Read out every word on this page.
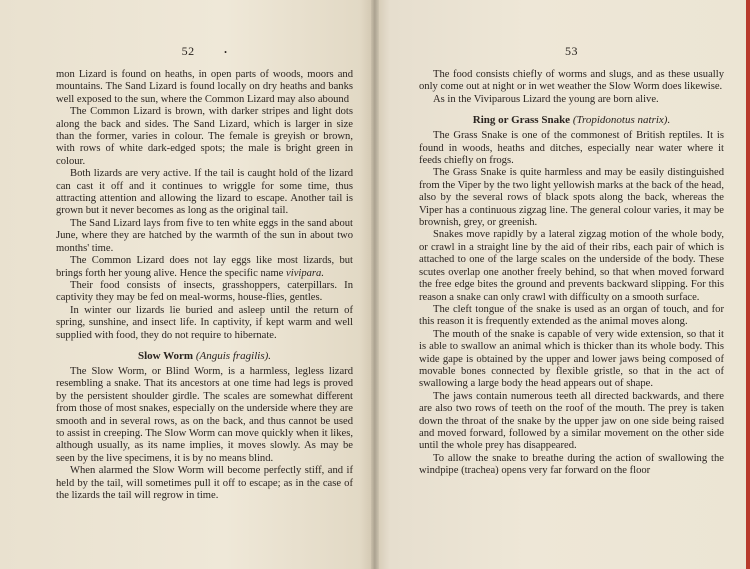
52	•

mon Lizard is found on heaths, in open parts of woods, moors and mountains. The Sand Lizard is found locally on dry heaths and banks well exposed to the sun, where the Common Lizard may also abound

The Common Lizard is brown, with darker stripes and light dots along the back and sides. The Sand Lizard, which is larger in size than the former, varies in colour. The female is greyish or brown, with rows of white dark-edged spots; the male is bright green in colour.

Both lizards are very active. If the tail is caught hold of the lizard can cast it off and it continues to wriggle for some time, thus attracting attention and allowing the lizard to escape. Another tail is grown but it never becomes as long as the original tail.

The Sand Lizard lays from five to ten white eggs in the sand about June, where they are hatched by the warmth of the sun in about two months' time.

The Common Lizard does not lay eggs like most lizards, but brings forth her young alive. Hence the specific name vivipara.

Their food consists of insects, grasshoppers, caterpillars. In captivity they may be fed on meal-worms, house-flies, gentles.

In winter our lizards lie buried and asleep until the return of spring, sunshine, and insect life. In captivity, if kept warm and well supplied with food, they do not require to hibernate.

Slow Worm (Anguis fragilis).

The Slow Worm, or Blind Worm, is a harmless, legless lizard resembling a snake. That its ancestors at one time had legs is proved by the persistent shoulder girdle. The scales are somewhat different from those of most snakes, especially on the underside where they are smooth and in several rows, as on the back, and thus cannot be used to assist in creeping. The Slow Worm can move quickly when it likes, although usually, as its name implies, it moves slowly. As may be seen by the live specimens, it is by no means blind.

When alarmed the Slow Worm will become perfectly stiff, and if held by the tail, will sometimes pull it off to escape; as in the case of the lizards the tail will regrow in time.

53

The food consists chiefly of worms and slugs, and as these usually only come out at night or in wet weather the Slow Worm does likewise.

As in the Viviparous Lizard the young are born alive.

Ring or Grass Snake (Tropidonotus natrix).

The Grass Snake is one of the commonest of British reptiles. It is found in woods, heaths and ditches, especially near water where it feeds chiefly on frogs.

The Grass Snake is quite harmless and may be easily distinguished from the Viper by the two light yellowish marks at the back of the head, also by the several rows of black spots along the back, whereas the Viper has a continuous zigzag line. The general colour varies, it may be brownish, grey, or greenish.

Snakes move rapidly by a lateral zigzag motion of the whole body, or crawl in a straight line by the aid of their ribs, each pair of which is attached to one of the large scales on the underside of the body. These scutes overlap one another freely behind, so that when moved forward the free edge bites the ground and prevents backward slipping. For this reason a snake can only crawl with difficulty on a smooth surface.

The cleft tongue of the snake is used as an organ of touch, and for this reason it is frequently extended as the animal moves along.

The mouth of the snake is capable of very wide extension, so that it is able to swallow an animal which is thicker than its whole body. This wide gape is obtained by the upper and lower jaws being composed of movable bones connected by flexible gristle, so that in the act of swallowing a large body the head appears out of shape.

The jaws contain numerous teeth all directed backwards, and there are also two rows of teeth on the roof of the mouth. The prey is taken down the throat of the snake by the upper jaw on one side being raised and moved forward, followed by a similar movement on the other side until the whole prey has disappeared.

To allow the snake to breathe during the action of swallowing the windpipe (trachea) opens very far forward on the floor
